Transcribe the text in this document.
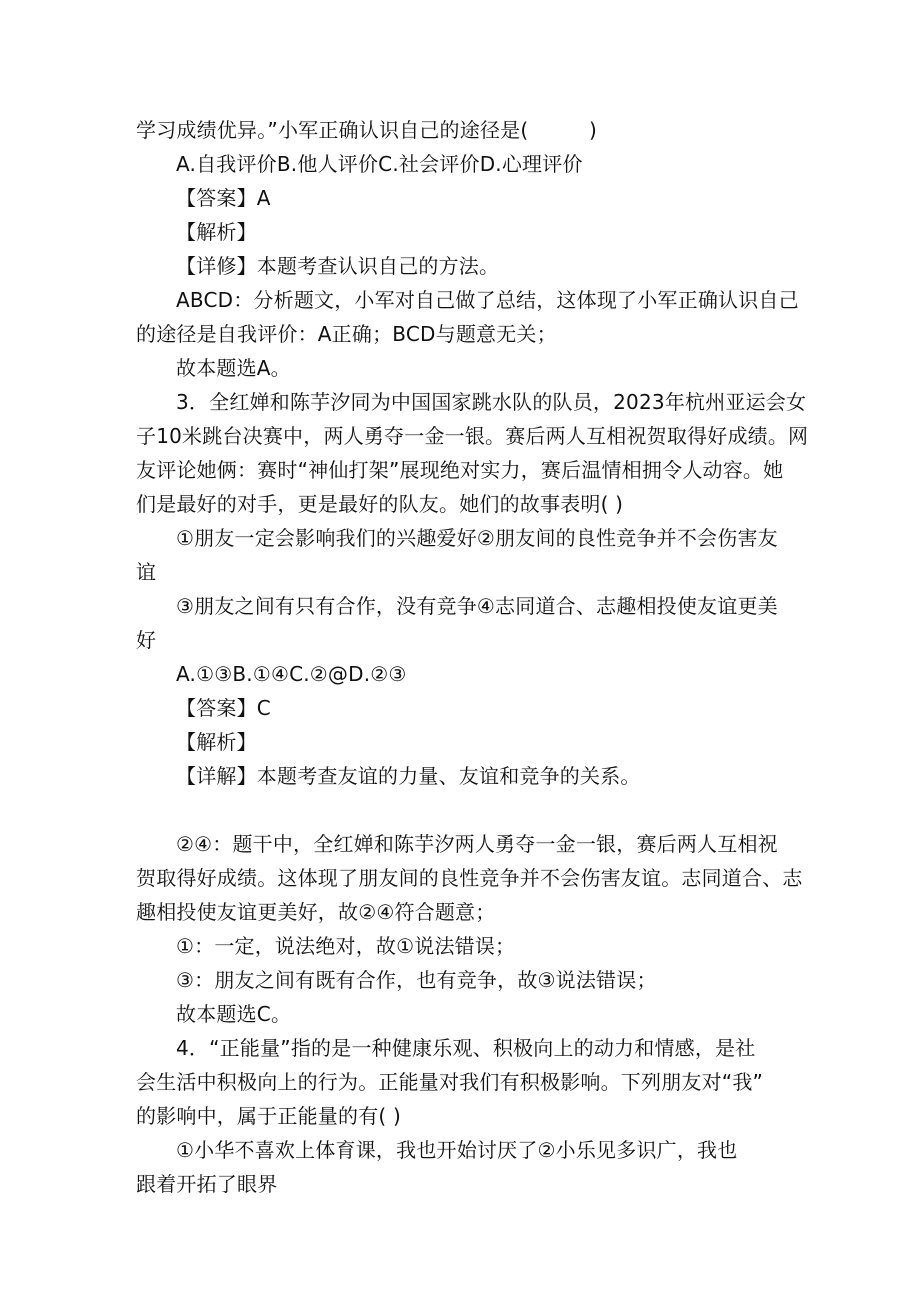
学习成绩优异。”小军正确认识自己的途径是(　　　)
A.自我评价B.他人评价C.社会评价D.心理评价
【答案】A
【解析】
【详修】本题考查认识自己的方法。
ABCD：分析题文，小军对自己做了总结，这体现了小军正确认识自己
的途径是自我评价：A正确；BCD与题意无关；
故本题选A。
3．全红婵和陈芋汐同为中国国家跳水队的队员，2023年杭州亚运会女
子10米跳台决赛中，两人勇夺一金一银。赛后两人互相祝贺取得好成绩。网
友评论她俩：赛时“神仙打架”展现绝对实力，赛后温情相拥令人动容。她
们是最好的对手，更是最好的队友。她们的故事表明( )
①朋友一定会影响我们的兴趣爱好②朋友间的良性竞争并不会伤害友
谊
③朋友之间有只有合作，没有竞争④志同道合、志趣相投使友谊更美
好
A.①③B.①④C.②@D.②③
【答案】C
【解析】
【详解】本题考查友谊的力量、友谊和竞争的关系。
②④：题干中，全红婵和陈芋汐两人勇夺一金一银，赛后两人互相祝
贺取得好成绩。这体现了朋友间的良性竞争并不会伤害友谊。志同道合、志
趣相投使友谊更美好，故②④符合题意；
①：一定，说法绝对，故①说法错误；
③：朋友之间有既有合作，也有竞争，故③说法错误；
故本题选C。
4．“正能量”指的是一种健康乐观、积极向上的动力和情感，是社
会生活中积极向上的行为。正能量对我们有积极影响。下列朋友对“我”
的影响中，属于正能量的有( )
①小华不喜欢上体育课，我也开始讨厌了②小乐见多识广，我也
跟着开拓了眼界
